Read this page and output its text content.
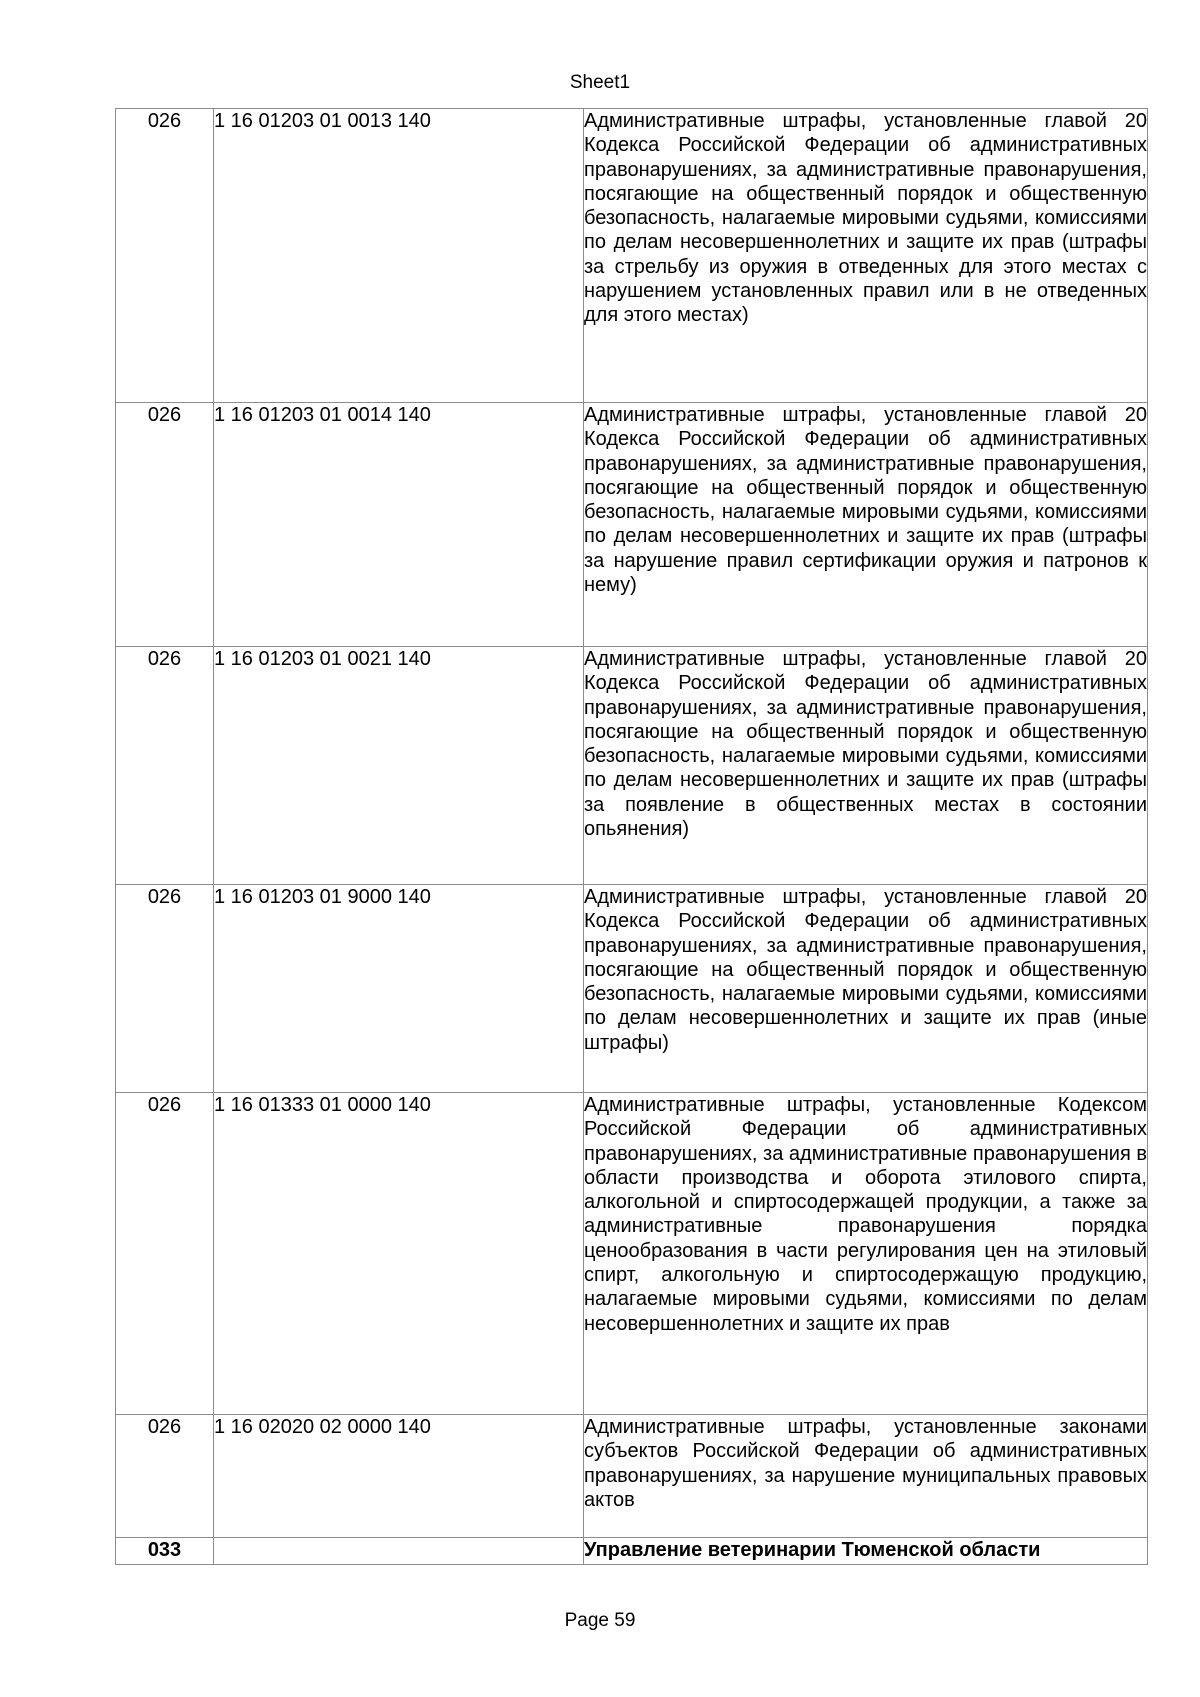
Sheet1
026	1 16 01203 01 0013 140	Административные штрафы, установленные главой 20 Кодекса Российской Федерации об административных правонарушениях, за административные правонарушения, посягающие на общественный порядок и общественную безопасность, налагаемые мировыми судьями, комиссиями по делам несовершеннолетних и защите их прав (штрафы за стрельбу из оружия в отведенных для этого местах с нарушением установленных правил или в не отведенных для этого местах)
026	1 16 01203 01 0014 140	Административные штрафы, установленные главой 20 Кодекса Российской Федерации об административных правонарушениях, за административные правонарушения, посягающие на общественный порядок и общественную безопасность, налагаемые мировыми судьями, комиссиями по делам несовершеннолетних и защите их прав (штрафы за нарушение правил сертификации оружия и патронов к нему)
026	1 16 01203 01 0021 140	Административные штрафы, установленные главой 20 Кодекса Российской Федерации об административных правонарушениях, за административные правонарушения, посягающие на общественный порядок и общественную безопасность, налагаемые мировыми судьями, комиссиями по делам несовершеннолетних и защите их прав (штрафы за появление в общественных местах в состоянии опьянения)
026	1 16 01203 01 9000 140	Административные штрафы, установленные главой 20 Кодекса Российской Федерации об административных правонарушениях, за административные правонарушения, посягающие на общественный порядок и общественную безопасность, налагаемые мировыми судьями, комиссиями по делам несовершеннолетних и защите их прав (иные штрафы)
026	1 16 01333 01 0000 140	Административные штрафы, установленные Кодексом Российской Федерации об административных правонарушениях, за административные правонарушения в области производства и оборота этилового спирта, алкогольной и спиртосодержащей продукции, а также за административные правонарушения порядка ценообразования в части регулирования цен на этиловый спирт, алкогольную и спиртосодержащую продукцию, налагаемые мировыми судьями, комиссиями по делам несовершеннолетних и защите их прав
026	1 16 02020 02 0000 140	Административные штрафы, установленные законами субъектов Российской Федерации об административных правонарушениях, за нарушение муниципальных правовых актов
033		Управление ветеринарии Тюменской области
Page 59
